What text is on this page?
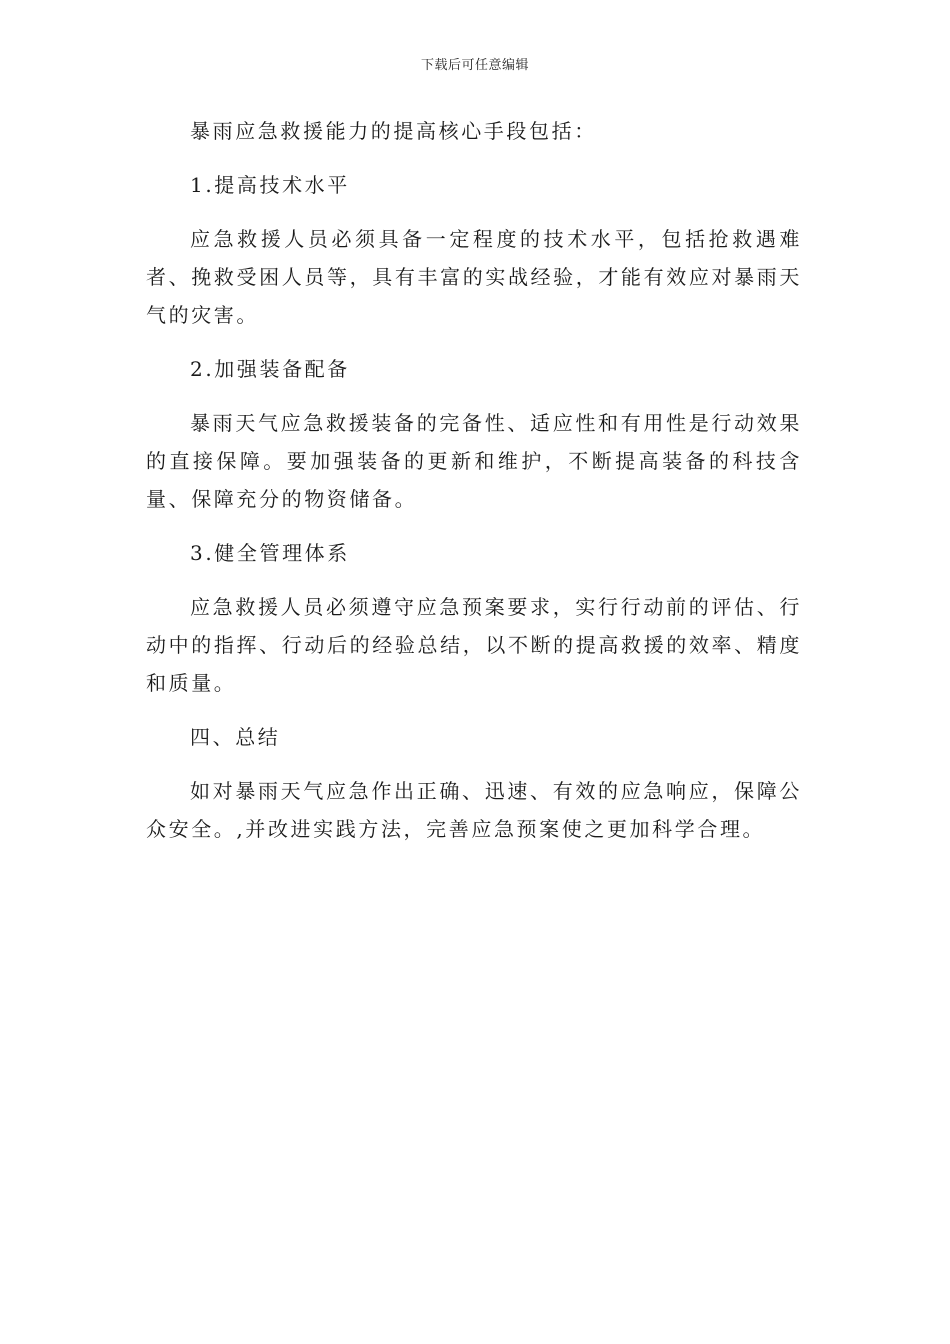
下载后可任意编辑

暴雨应急救援能力的提高核心手段包括：

1.提高技术水平

应急救援人员必须具备一定程度的技术水平，包括抢救遇难者、挽救受困人员等，具有丰富的实战经验，才能有效应对暴雨天气的灾害。

2.加强装备配备

暴雨天气应急救援装备的完备性、适应性和有用性是行动效果的直接保障。要加强装备的更新和维护，不断提高装备的科技含量、保障充分的物资储备。

3.健全管理体系

应急救援人员必须遵守应急预案要求，实行行动前的评估、行动中的指挥、行动后的经验总结，以不断的提高救援的效率、精度和质量。

四、总结

如对暴雨天气应急作出正确、迅速、有效的应急响应，保障公众安全。,并改进实践方法，完善应急预案使之更加科学合理。
